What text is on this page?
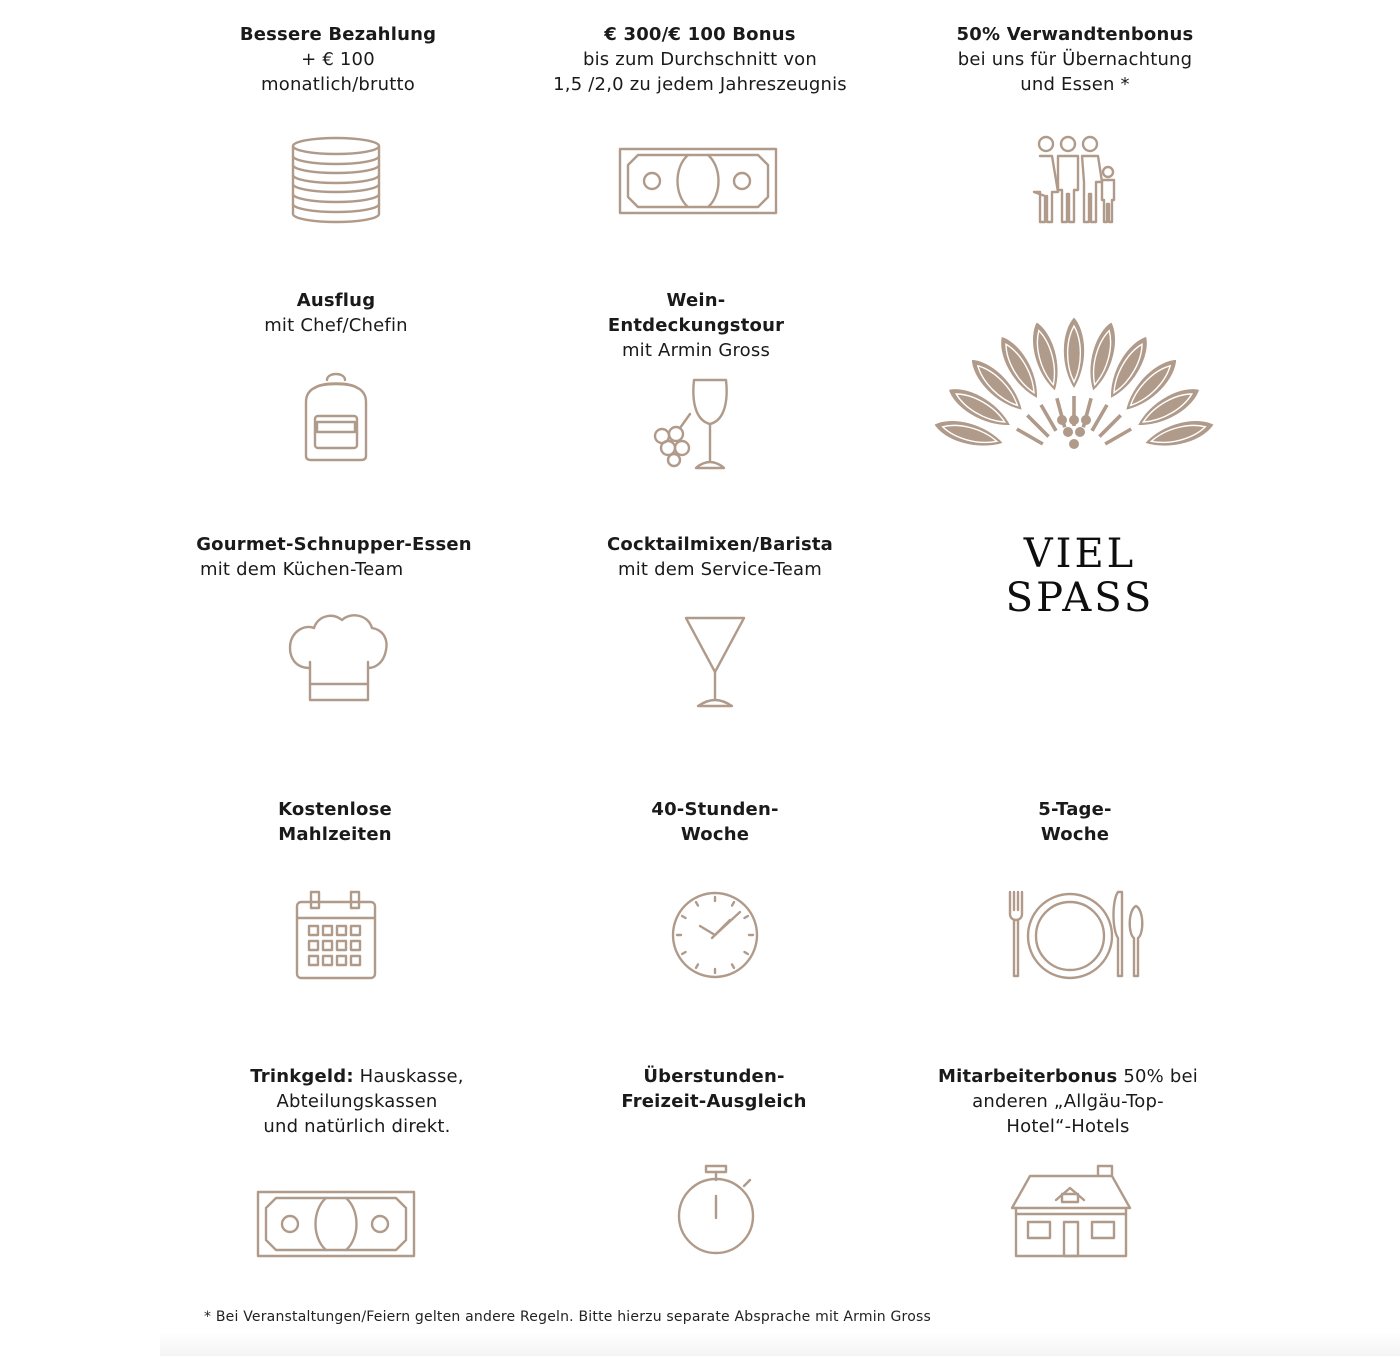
Bessere Bezahlung
+ € 100
monatlich/brutto
€ 300/€ 100 Bonus
bis zum Durchschnitt von
1,5 /2,0 zu jedem Jahreszeugnis
50% Verwandtenbonus
bei uns für Übernachtung
und Essen *
Ausflug
mit Chef/Chefin
Wein-
Entdeckungstour
mit Armin Gross
Gourmet-Schnupper-Essen
mit dem Küchen-Team
Cocktailmixen/Barista
mit dem Service-Team	VIEL
SPASS
Kostenlose
Mahlzeiten
40-Stunden-
Woche
5-Tage-
Woche
Trinkgeld: Hauskasse,
Abteilungskassen
und natürlich direkt.
Überstunden-
Freizeit-Ausgleich
Mitarbeiterbonus 50% bei
anderen „Allgäu-Top-
Hotel“-Hotels
* Bei Veranstaltungen/Feiern gelten andere Regeln. Bitte hierzu separate Absprache mit Armin Gross
